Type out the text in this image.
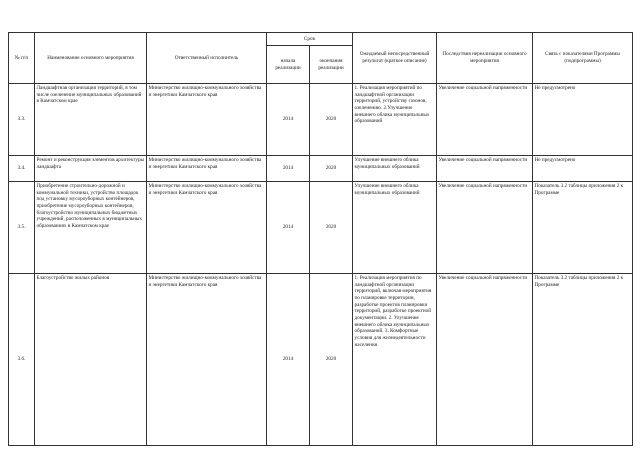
№ п/п	Наименование основного мероприятия	Ответственный исполнитель	Срок		Ожидаемый непосредственный результат (краткое описание)	Последствия нереализации основного мероприятия	Связь с показателями Программы (подпрограммы)
			начала реализации	окончания реализации			
3.3.	Ландшафтная организация территорий, в том числе озеленение муниципальных образований в Камчатском крае	Министерство жилищно-коммунального хозяйства и энергетики Камчатского края	2014	2020	1. Реализация мероприятий по ландшафтной организации территорий, устройству газонов, озеленению. 2.Улучшение внешнего облика муниципальных образований	Увеличение социальной напряженности	Не предусмотрено
3.4.	Ремонт и реконструкция элементов архитектуры ландшафта	Министерство жилищно-коммунального хозяйства и энергетики Камчатского края	2014	2020	Улучшение внешнего облика муниципальных образований	Увеличение социальной напряженности	Не предусмотрено
3.5.	Приобретение строительно-дорожной и коммунальной техники, устройство площадок под установку мусороуборных контейнеров, приобретение мусороуборных контейнеров, благоустройство муниципальных бюджетных учреждений, расположенных в муниципальных образованиях в Камчатском крае	Министерство жилищно-коммунального хозяйства и энергетики Камчатского края	2014	2020	Улучшение внешнего облика муниципальных образований	Увеличение социальной напряженности	Показатель 3.2 таблицы приложения 2 к Программе
3.6.	Благоустройство жилых районов	Министерство жилищно-коммунального хозяйства и энергетики Камчатского края	2014	2020	1. Реализация мероприятия по ландшафтной организации территорий, включая мероприятия по планировке территории, разработке проектов планировки территорий, разработке проектной документации. 2. Улучшение внешнего облика муниципальных образований. 3. Комфортные условия для жизнедеятельности населения	Увеличение социальной напряженности	Показатель 3.2 таблицы приложения 2 к Программе
